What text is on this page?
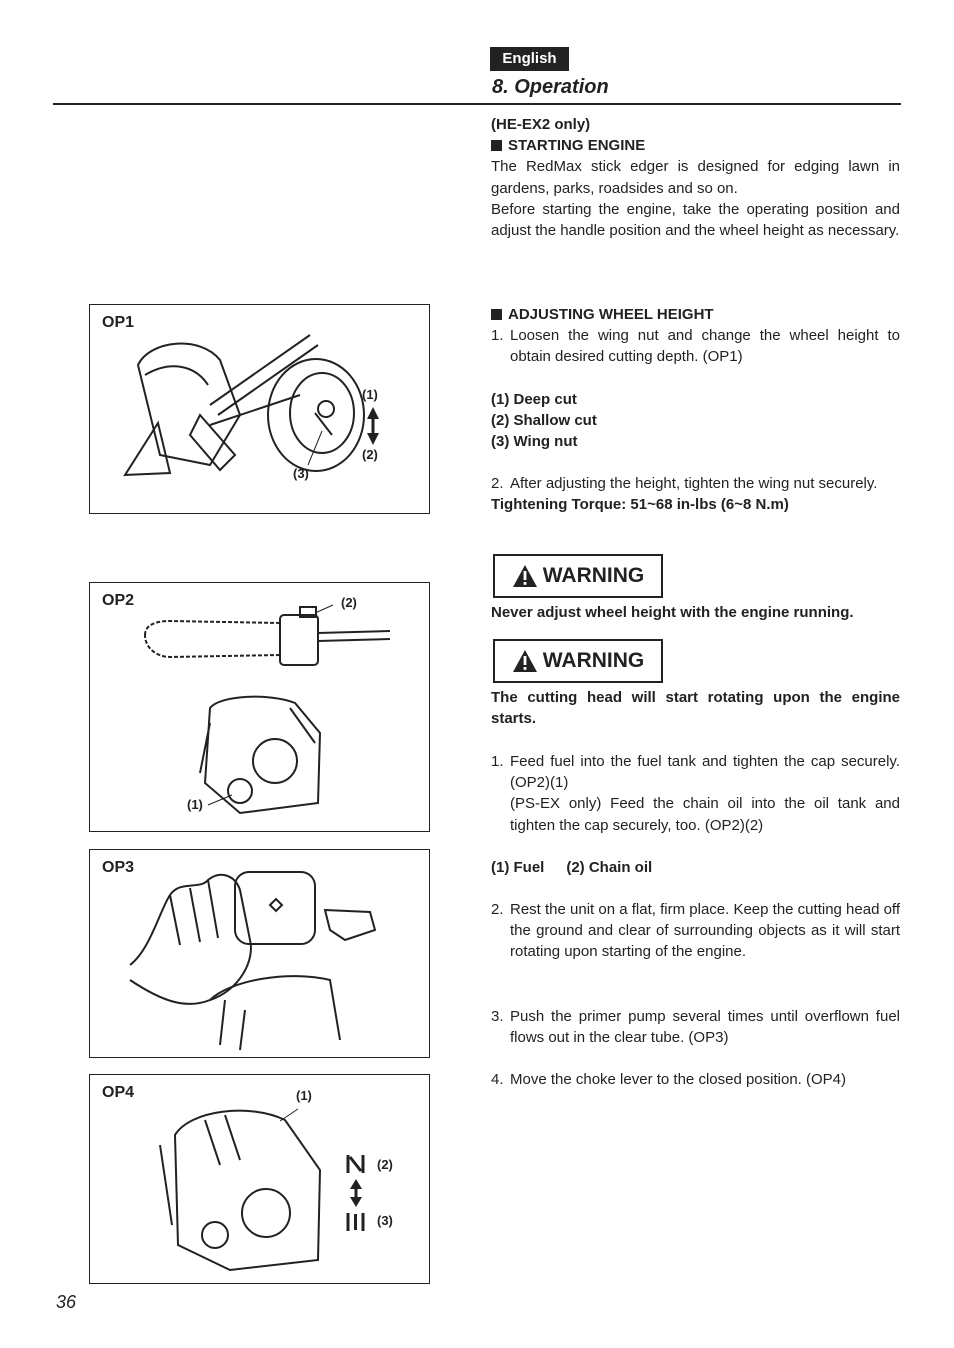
English
8. Operation

(HE-EX2 only)

STARTING ENGINE

The RedMax stick edger is designed for edging lawn in gardens, parks, roadsides and so on.

Before starting the engine, take the operating position and adjust the handle position and the wheel height as necessary.

ADJUSTING WHEEL HEIGHT

1. Loosen the wing nut and change the wheel height to obtain desired cutting depth. (OP1)

(1) Deep cut

(2) Shallow cut

(3) Wing nut

2. After adjusting the height, tighten the wing nut securely.

Tightening Torque: 51~68 in-lbs (6~8 N.m)

WARNING
Never adjust wheel height with the engine running.
WARNING
The cutting head will start rotating upon the engine starts.
1. Feed fuel into the fuel tank and tighten the cap securely. (OP2)(1)
(PS-EX only) Feed the chain oil into the oil tank and tighten the cap securely, too. (OP2)(2)

(1) Fuel (2) Chain oil

2. Rest the unit on a flat, firm place. Keep the cutting head off the ground and clear of surrounding objects as it will start rotating upon starting of the engine.
3. Push the primer pump several times until overflown fuel flows out in the clear tube. (OP3)
4. Move the choke lever to the closed position. (OP4)
OP1
(1)
(2)
(3)
OP2	(2)
(1)
OP3
OP4	(1)
(2)
(3)
36
